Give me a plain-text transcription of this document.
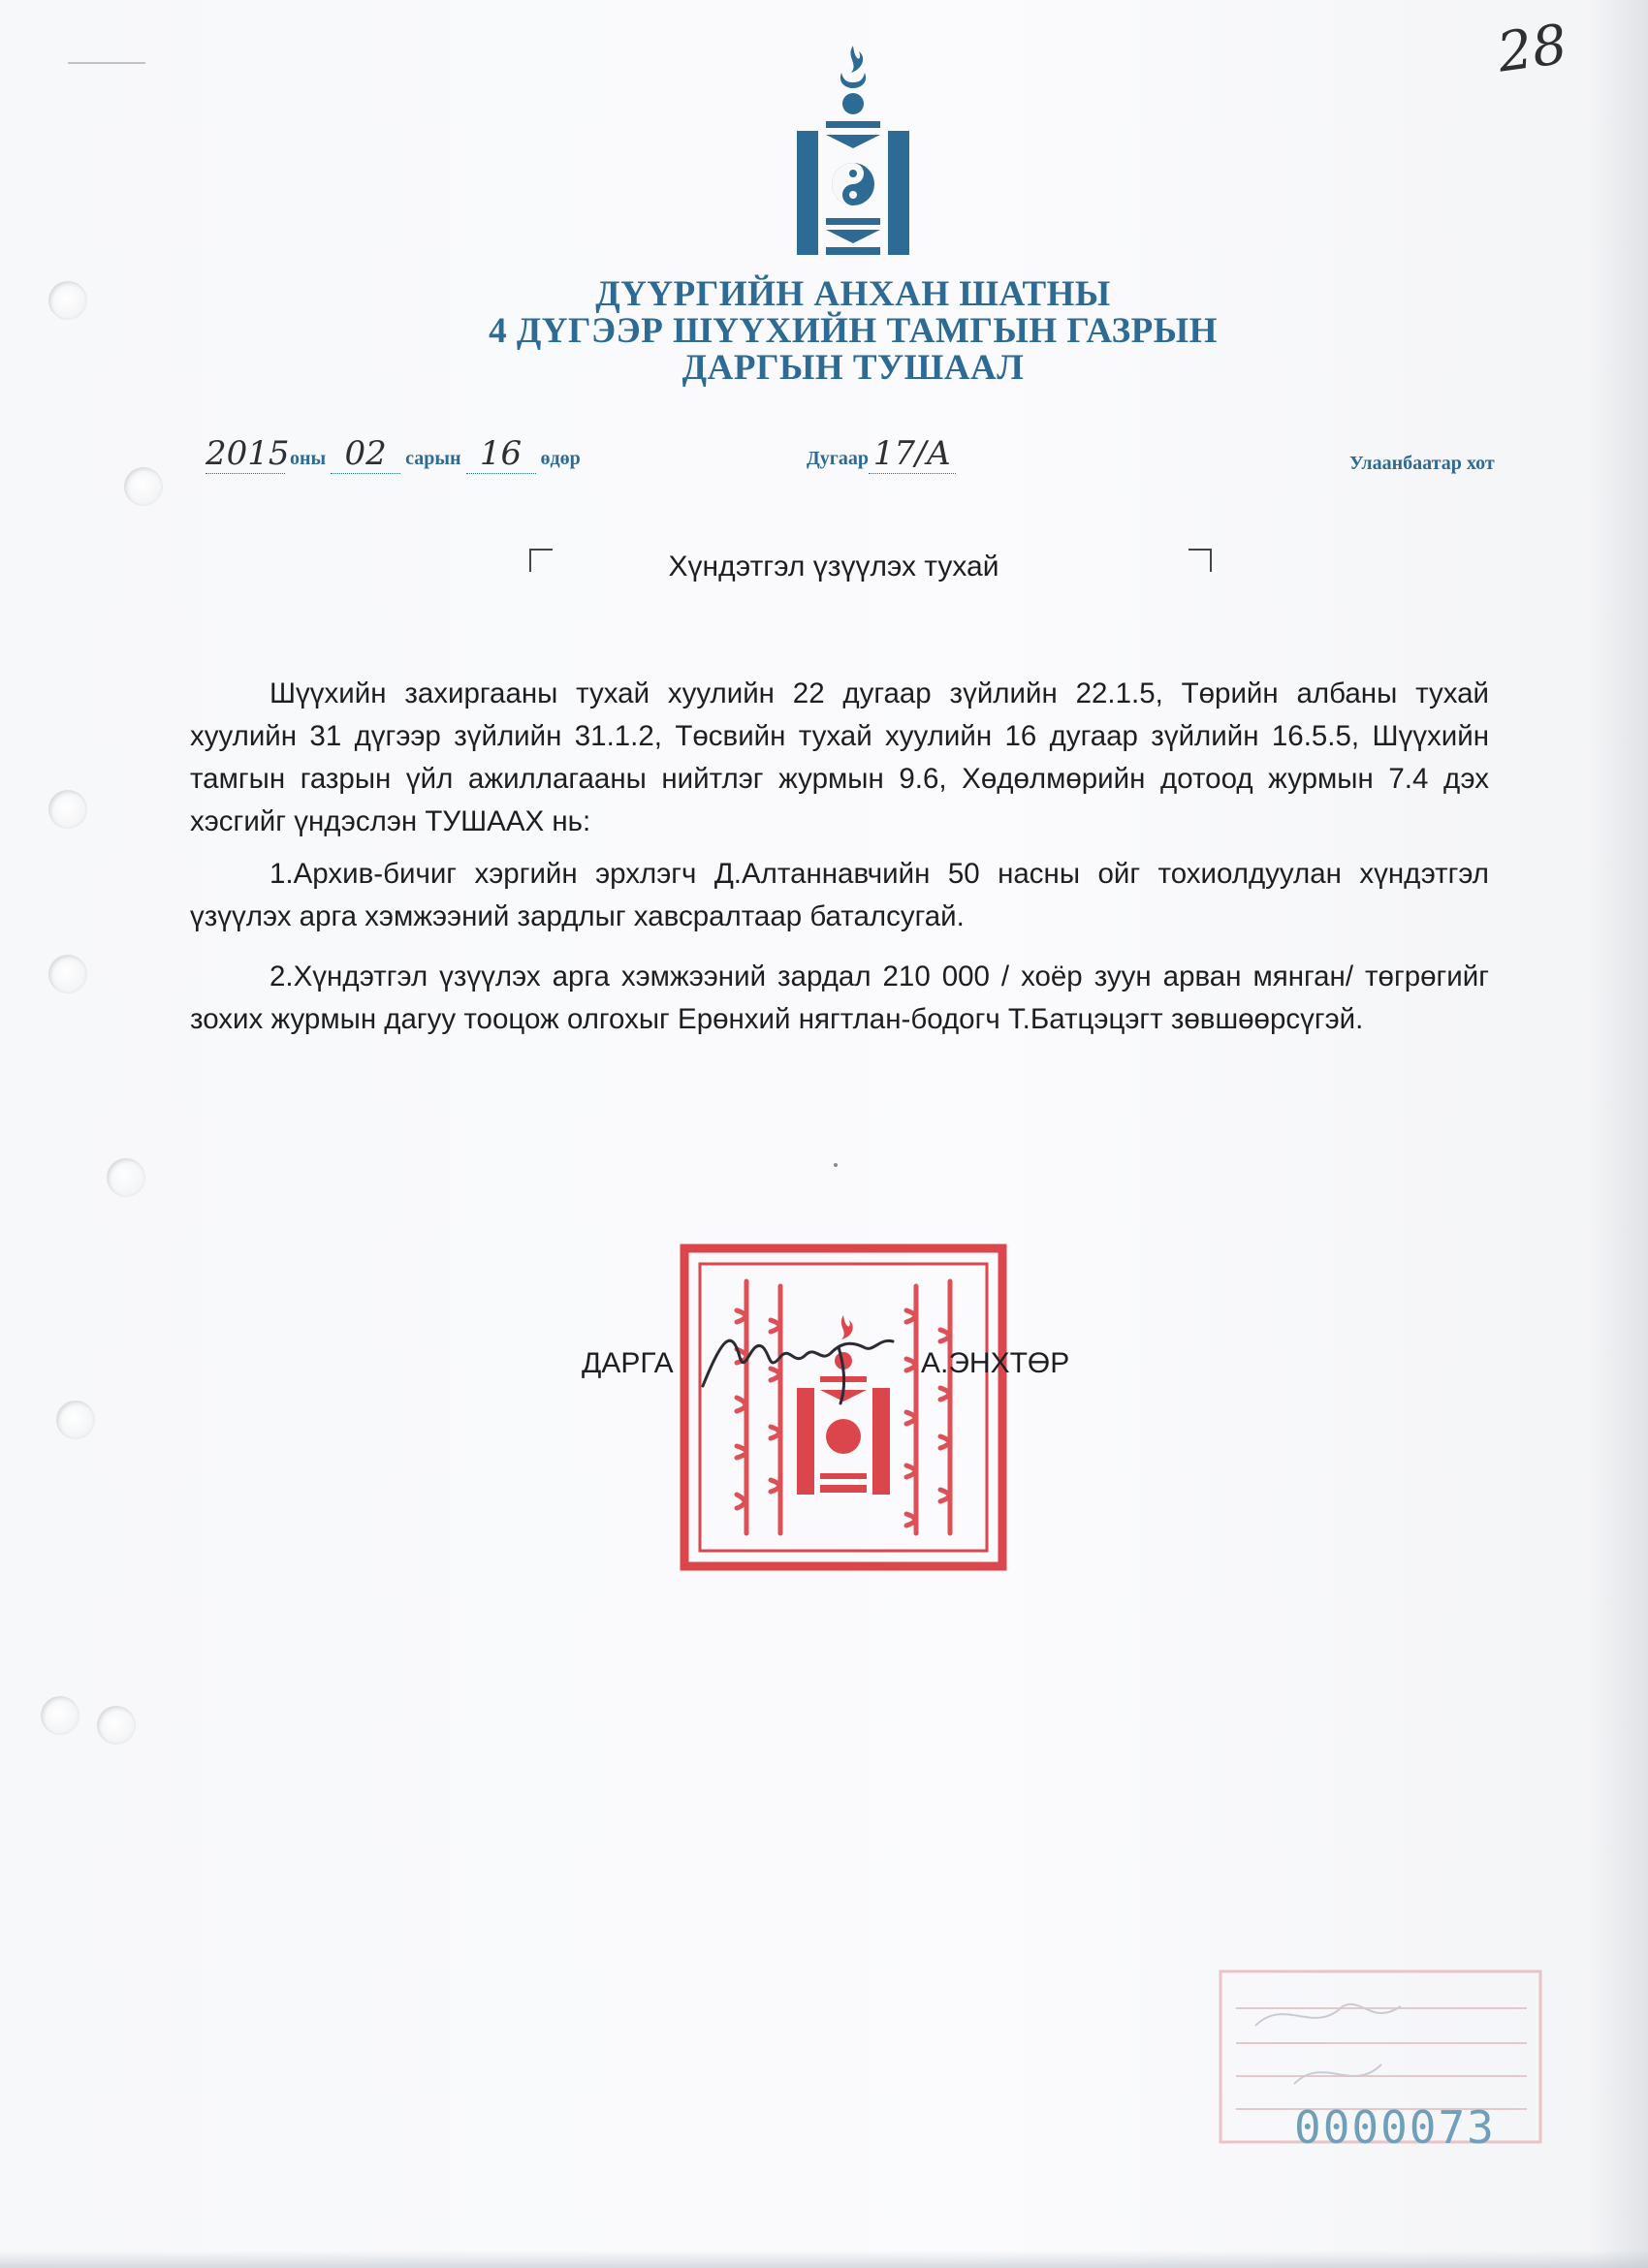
28
ДҮҮРГИЙН АНХАН ШАТНЫ
4 ДҮГЭЭР ШҮҮХИЙН ТАМГЫН ГАЗРЫН
ДАРГЫН ТУШААЛ
2015 оны 02 сарын 16 өдөр	Дугаар 17/А	Улаанбаатар хот
Хүндэтгэл үзүүлэх тухай

Шүүхийн захиргааны тухай хуулийн 22 дугаар зүйлийн 22.1.5, Төрийн албаны тухай хуулийн 31 дүгээр зүйлийн 31.1.2, Төсвийн тухай хуулийн 16 дугаар зүйлийн 16.5.5, Шүүхийн тамгын газрын үйл ажиллагааны нийтлэг журмын 9.6, Хөдөлмөрийн дотоод журмын 7.4 дэх хэсгийг үндэслэн ТУШААХ нь:

1.Архив-бичиг хэргийн эрхлэгч Д.Алтаннавчийн 50 насны ойг тохиолдуулан хүндэтгэл үзүүлэх арга хэмжээний зардлыг хавсралтаар баталсугай.

2.Хүндэтгэл үзүүлэх арга хэмжээний зардал 210 000 / хоёр зуун арван мянган/ төгрөгийг зохих журмын дагуу тооцож олгохыг Ерөнхий нягтлан-бодогч Т.Батцэцэгт зөвшөөрсүгэй.

ДАРГА	А.ЭНХТӨР
0000073
